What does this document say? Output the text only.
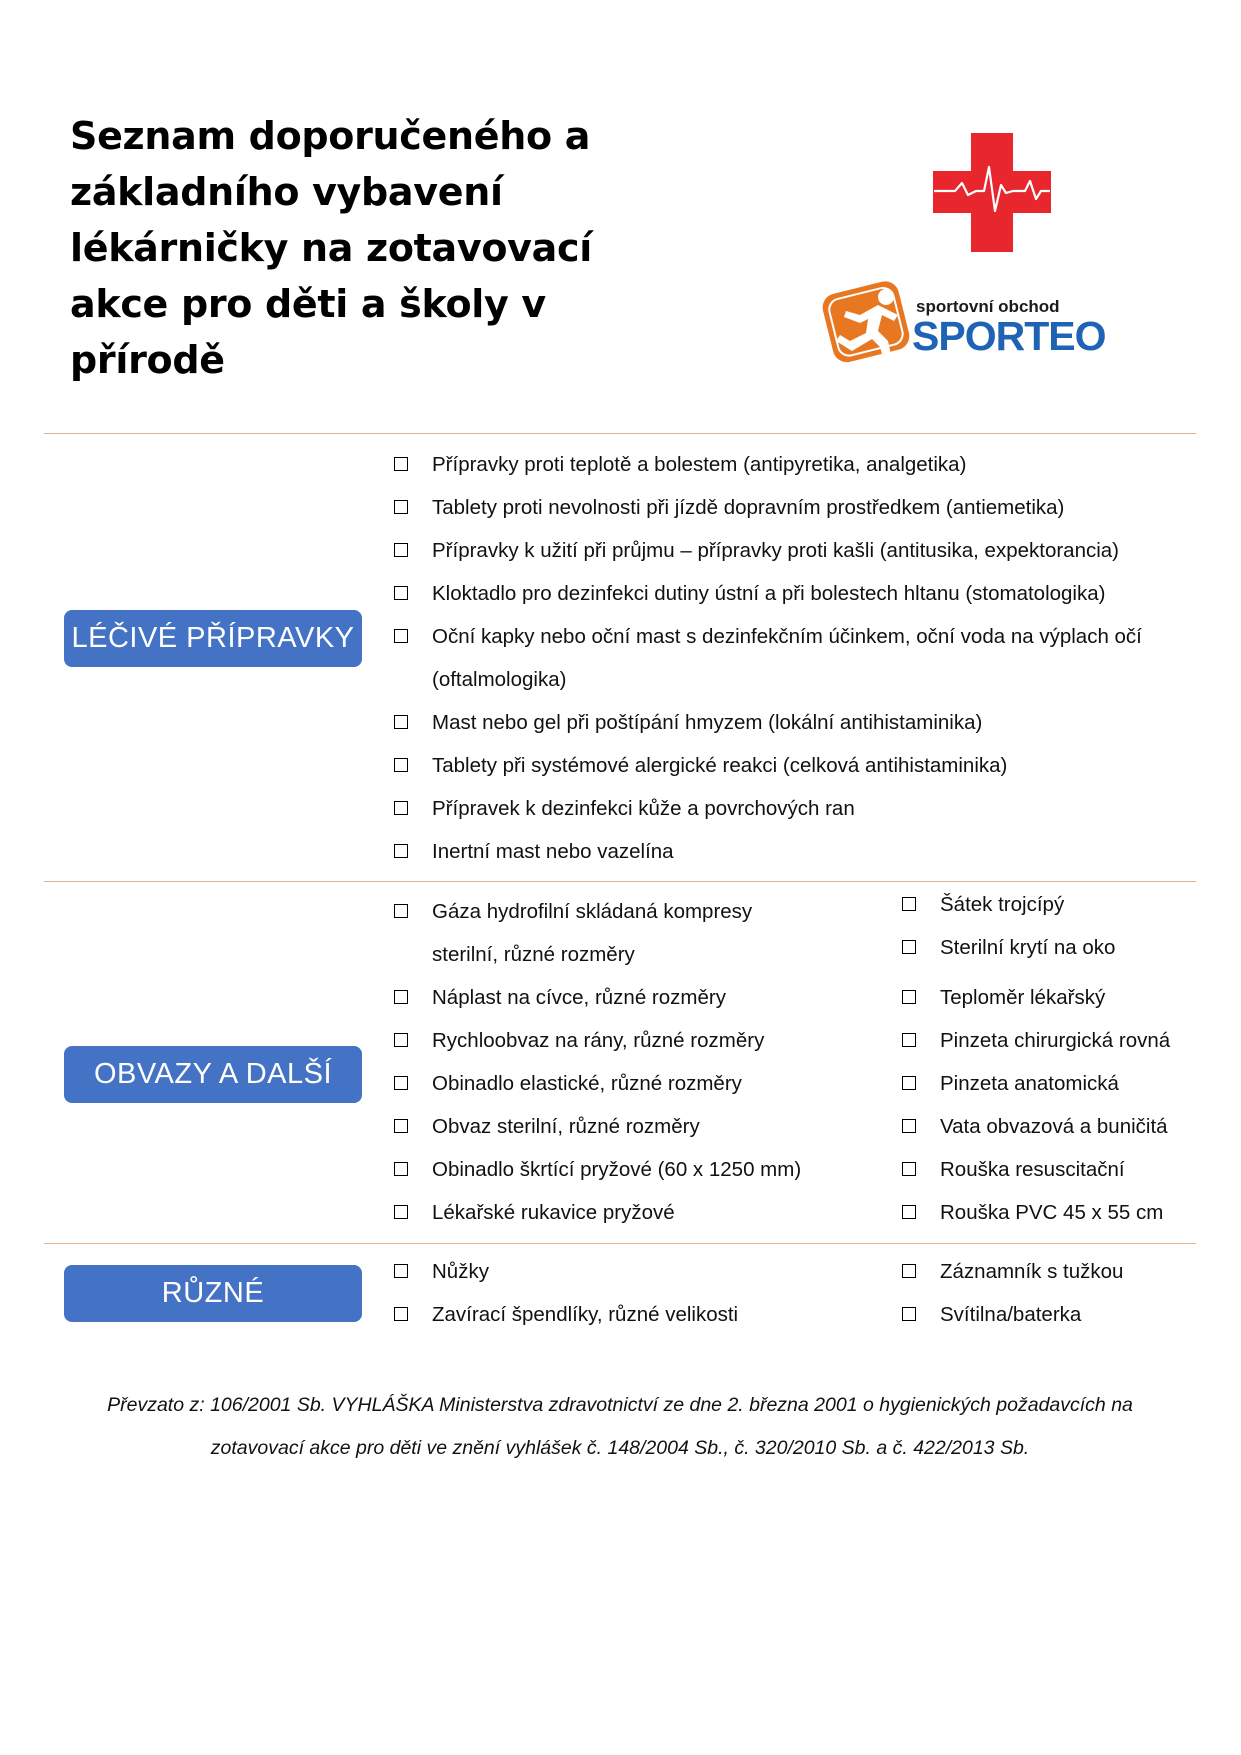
Seznam doporučeného a základního vybavení lékárničky na zotavovací akce pro děti a školy v přírodě
sportovní obchod
SPORTEO
LÉČIVÉ PŘÍPRAVKY
OBVAZY A DALŠÍ
RŮZNÉ
Přípravky proti teplotě a bolestem (antipyretika, analgetika)
Tablety proti nevolnosti při jízdě dopravním prostředkem (antiemetika)
Přípravky k užití při průjmu – přípravky proti kašli (antitusika, expektorancia)
Kloktadlo pro dezinfekci dutiny ústní a při bolestech hltanu (stomatologika)
Oční kapky nebo oční mast s dezinfekčním účinkem, oční voda na výplach očí (oftalmologika)
Mast nebo gel při poštípání hmyzem (lokální antihistaminika)
Tablety při systémové alergické reakci (celková antihistaminika)
Přípravek k dezinfekci kůže a povrchových ran
Inertní mast nebo vazelína
Gáza hydrofilní skládaná kompresy sterilní, různé rozměry
Náplast na cívce, různé rozměry
Rychloobvaz na rány, různé rozměry
Obinadlo elastické, různé rozměry
Obvaz sterilní, různé rozměry
Obinadlo škrtící pryžové (60 x 1250 mm)
Lékařské rukavice pryžové
Šátek trojcípý
Sterilní krytí na oko
Teploměr lékařský
Pinzeta chirurgická rovná
Pinzeta anatomická
Vata obvazová a buničitá
Rouška resuscitační
Rouška PVC 45 x 55 cm
Nůžky
Zavírací špendlíky, různé velikosti
Záznamník s tužkou
Svítilna/baterka

Převzato z: 106/2001 Sb. VYHLÁŠKA Ministerstva zdravotnictví ze dne 2. března 2001 o hygienických požadavcích na zotavovací akce pro děti ve znění vyhlášek č. 148/2004 Sb., č. 320/2010 Sb. a č. 422/2013 Sb.
